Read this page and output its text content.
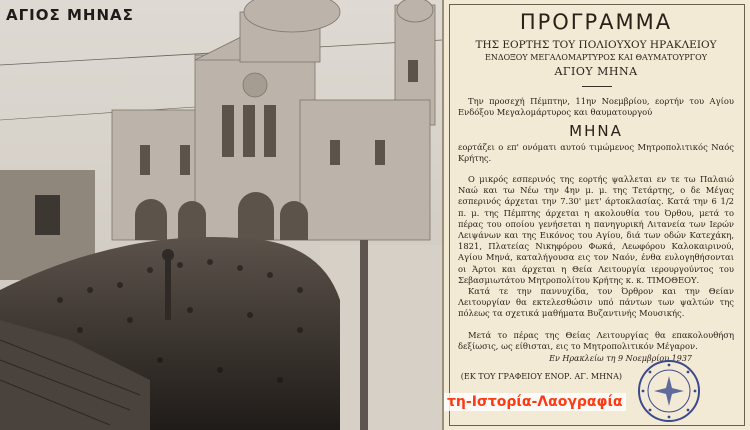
ΑΓΙΟΣ ΜΗΝΑΣ	ΠΡΟΓΡΑΜΜΑ
ΤΗΣ ΕΟΡΤΗΣ ΤΟΥ ΠΟΛΙΟΥΧΟΥ ΗΡΑΚΛΕΙΟΥ
ΕΝΔΟΞΟΥ ΜΕΓΑΛΟΜΑΡΤΥΡΟΣ ΚΑΙ ΘΑΥΜΑΤΟΥΡΓΟΥ
ΑΓΙΟΥ ΜΗΝΑ
Την προσεχή Πέμπτην, 11ην Νοεμβρίου, εορτήν του Αγίου Ενδόξου Μεγαλομάρτυρος και θαυματουργού
ΜΗΝΑ
εορτάζει ο επ' ονόματι αυτού τιμώμενος Μητροπολιτικός Ναός Κρήτης.
Ο μικρός εσπερινός της εορτής ψαλλεται εν τε τω Παλαιώ Ναώ και τω Νέω την 4ην μ. μ. της Τετάρτης, ο δε Μέγας εσπερινός άρχεται την 7.30' μετ' άρτοκλασίας. Κατά την 6 1/2 π. μ. της Πέμπτης άρχεται η ακολουθία του Όρθου, μετά το πέρας του οποίου γενήσεται η πανηγυρική Λιτανεία των Ιερών Λειψάνων και της Εικόνος του Αγίου, διά των οδών Κατεχάκη, 1821, Πλατείας Νικηφόρου Φωκά, Λεωφόρου Καλοκαιρινού, Αγίου Μηνά, καταλήγουσα εις τον Ναόν, ένθα ευλογηθήσονται οι Άρτοι και άρχεται η Θεία Λειτουργία ιερουργούντος του Σεβασμιωτάτου Μητροπολίτου Κρήτης κ. κ. ΤΙΜΟΘΕΟΥ.
Κατά τε την παννυχίδα, τον Όρθρον και την Θείαν Λειτουργίαν θα εκτελεσθώσιν υπό πάντων των ψαλτών της πόλεως τα σχετικά μαθήματα Βυζαντινής Μουσικής.
Μετά το πέρας της Θείας Λειτουργίας θα επακολουθήση δεξίωσις, ως είθισται, εις το Μητροπολιτικόν Μέγαρον.
Εν Ηρακλείω τη 9 Νοεμβρίου 1937
(ΕΚ ΤΟΥ ΓΡΑΦΕΙΟΥ ΕΝΟΡ. ΑΓ. ΜΗΝΑ)
τη-Ιστορία-Λαογραφία
